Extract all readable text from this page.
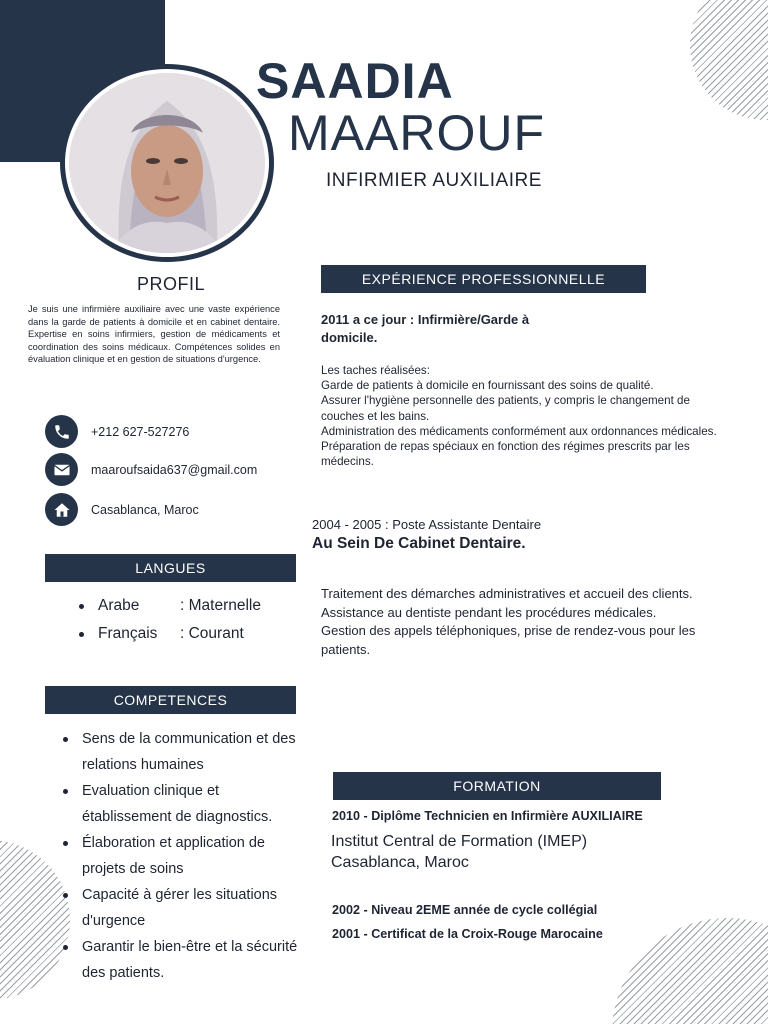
SAADIA
MAAROUF
INFIRMIER AUXILIAIRE
PROFIL
Je suis une infirmière auxiliaire avec une vaste expérience dans la garde de patients à domicile et en cabinet dentaire. Expertise en soins infirmiers, gestion de médicaments et coordination des soins médicaux. Compétences solides en évaluation clinique et en gestion de situations d'urgence.
+212 627-527276
maaroufsaida637@gmail.com
Casablanca, Maroc
LANGUES
Arabe	: Maternelle
Français : Courant
COMPETENCES
Sens de la communication et des relations humaines
Evaluation clinique et établissement de diagnostics.
Élaboration et application de projets de soins
Capacité à gérer les situations d'urgence
Garantir le bien-être et la sécurité des patients.
EXPÉRIENCE PROFESSIONNELLE
2011 a ce jour : Infirmière/Garde à domicile.
Les taches réalisées:
Garde de patients à domicile en fournissant des soins de qualité.
Assurer l'hygiène personnelle des patients, y compris le changement de couches et les bains.
Administration des médicaments conformément aux ordonnances médicales.
Préparation de repas spéciaux en fonction des régimes prescrits par les médecins.
2004 - 2005 : Poste Assistante Dentaire
Au Sein De Cabinet Dentaire.
Traitement des démarches administratives et accueil des clients.
Assistance au dentiste pendant les procédures médicales.
Gestion des appels téléphoniques, prise de rendez-vous pour les patients.
FORMATION
2010 - Diplôme Technicien en Infirmière AUXILIAIRE
Institut Central de Formation (IMEP)
Casablanca, Maroc
2002 - Niveau 2EME année de cycle collégial
2001 - Certificat de la Croix-Rouge Marocaine
